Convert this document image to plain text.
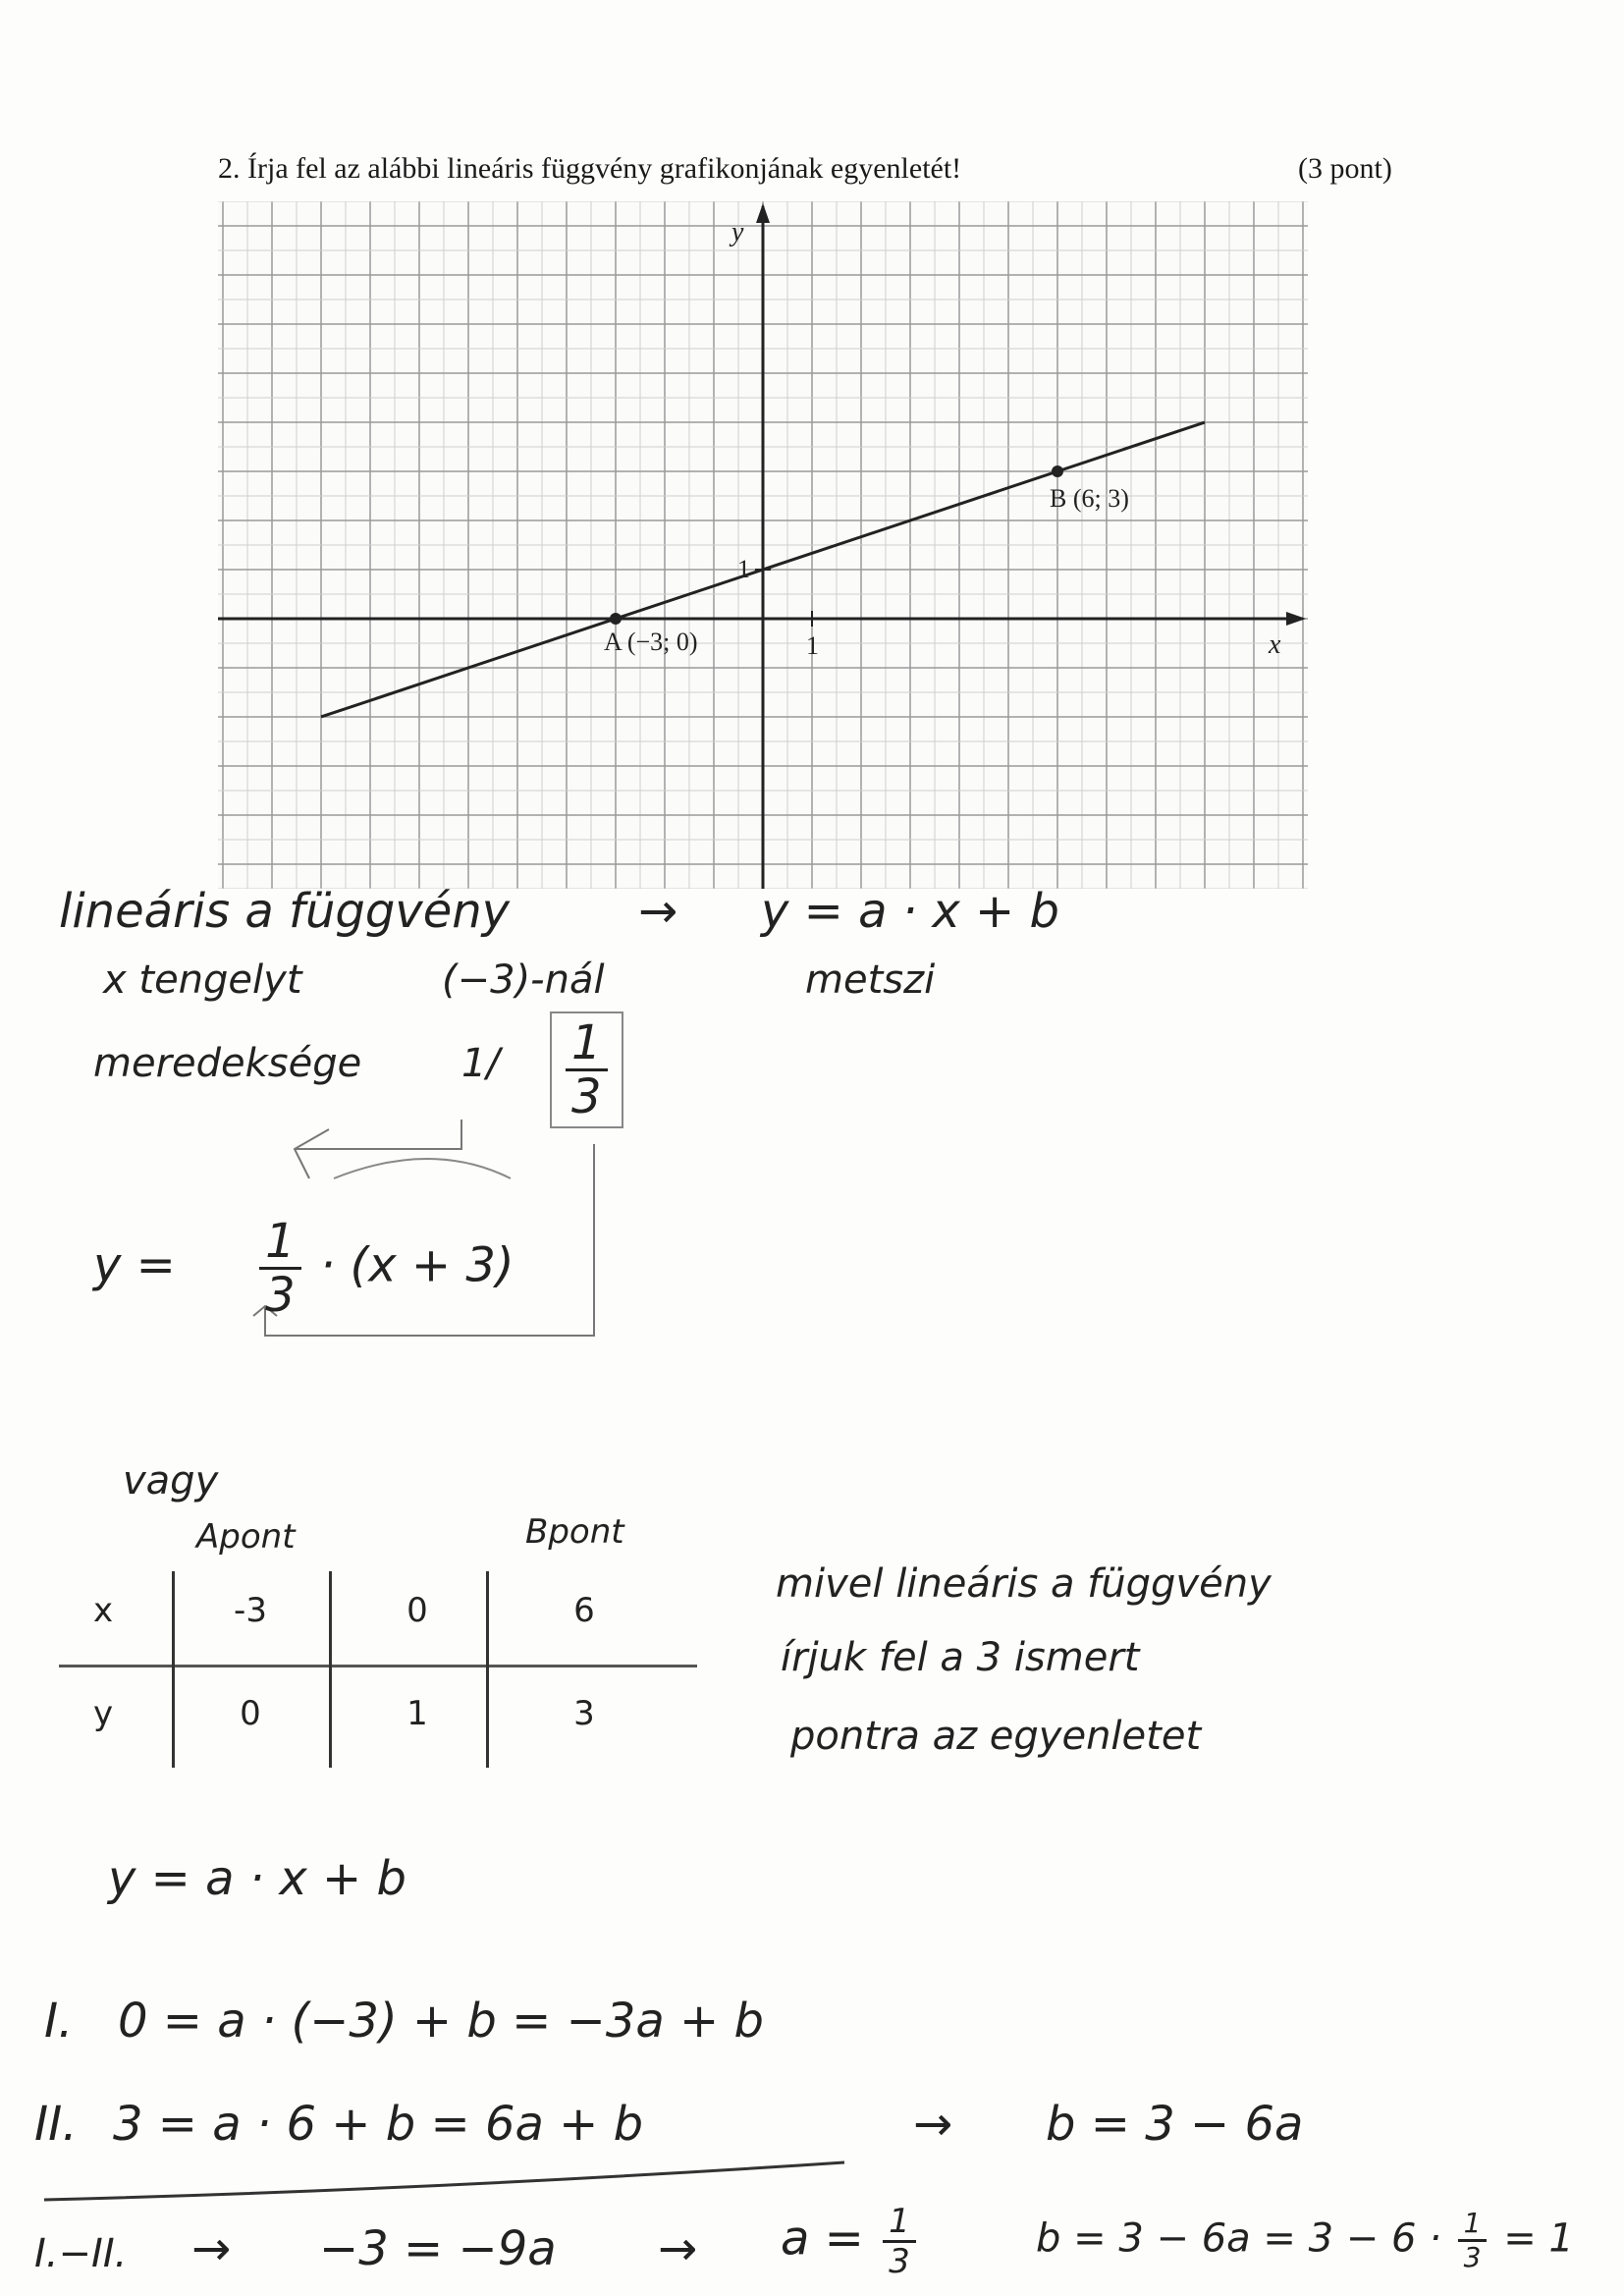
2. Írja fel az alábbi lineáris függvény grafikonjának egyenletét!	(3 pont)
A (−3; 0)
B (6; 3)
x
y
1
1
lineáris a függvény	→ y = a · x + b
x tengelyt	(−3)-nál	metszi
meredeksége	$1/ \frac{1}{3}$
$y = \frac{1}{3} \cdot (x + 3)$
vagy
Apont	Bpont
x	-3	0	6
y	0	1	3
mivel lineáris a függvény
írjuk fel a 3 ismert
pontra az egyenletet
y = a · x + b
I. 0 = a · (−3) + b = −3a + b
II. 3 = a · 6 + b = 6a + b	→ b = 3 − 6a
I.−II. → $-3 = -9a \to a = \frac{1}{3}$	$b = 3 - 6a = 3 - 6 \cdot \frac{1}{3} = 1$
